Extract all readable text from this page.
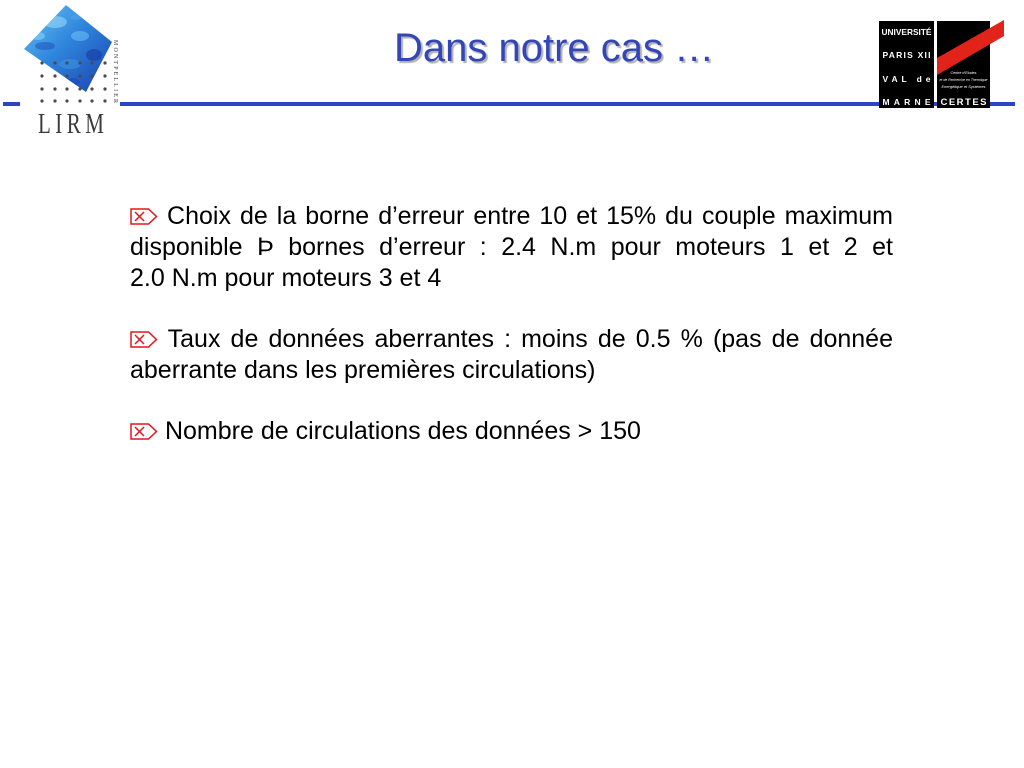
LIRM
MONTPELLIER
Dans notre cas …	UNIVERSITÉ
PARIS XII
VAL de
MARNE
Centre d’Etudes
et de Recherche en Thermique
Energétique et Systèmes
CERTES
Choix de la borne d’erreur entre 10 et 15% du couple maximum
disponible Þ bornes d’erreur : 2.4 N.m pour moteurs 1 et 2 et
2.0 N.m pour moteurs 3 et 4
Taux de données aberrantes : moins de 0.5 % (pas de donnée
aberrante dans les premières circulations)
Nombre de circulations des données > 150
